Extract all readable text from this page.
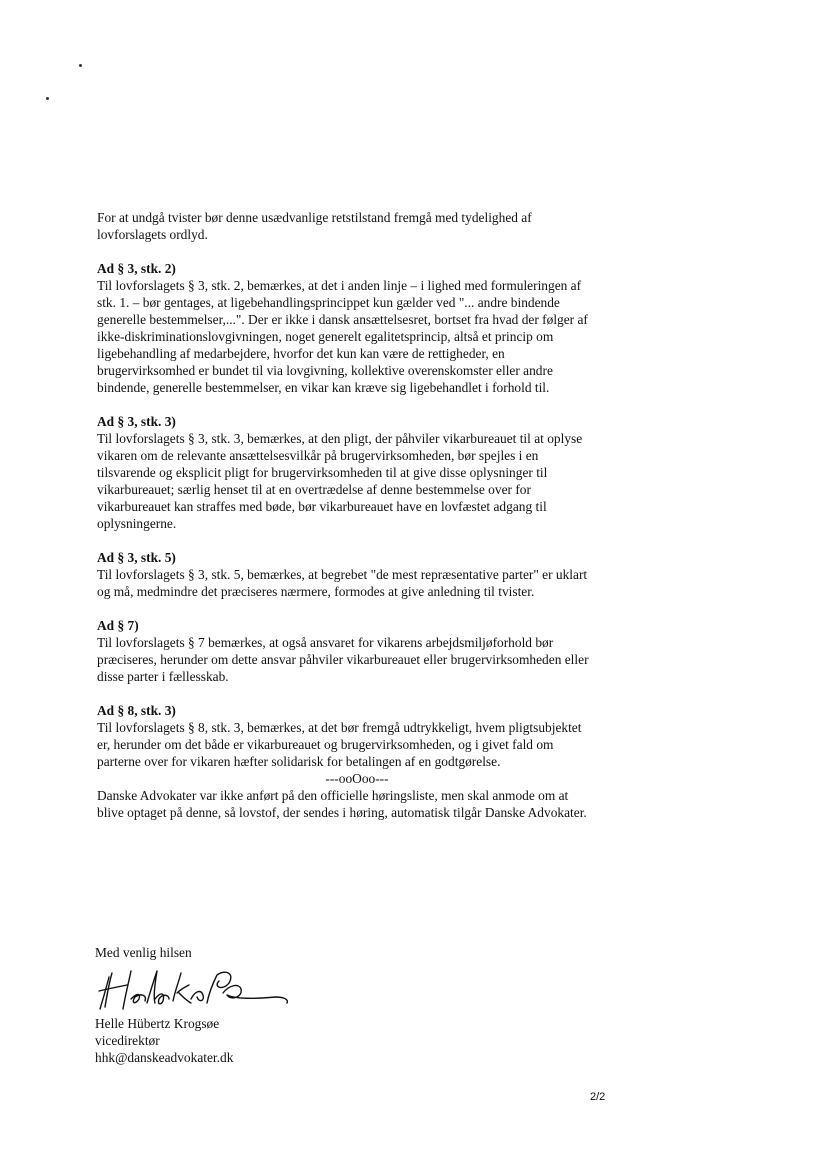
For at undgå tvister bør denne usædvanlige retstilstand fremgå med tydelighed af lovforslagets ordlyd.

Ad § 3, stk. 2)

Til lovforslagets § 3, stk. 2, bemærkes, at det i anden linje – i lighed med formuleringen af stk. 1. – bør gentages, at ligebehandlingsprincippet kun gælder ved "... andre bindende generelle bestemmelser,...". Der er ikke i dansk ansættelsesret, bortset fra hvad der følger af ikke-diskriminationslovgivningen, noget generelt egalitetsprincip, altså et princip om ligebehandling af medarbejdere, hvorfor det kun kan være de rettigheder, en brugervirksomhed er bundet til via lovgivning, kollektive overenskomster eller andre bindende, generelle bestemmelser, en vikar kan kræve sig ligebehandlet i forhold til.

Ad § 3, stk. 3)

Til lovforslagets § 3, stk. 3, bemærkes, at den pligt, der påhviler vikarbureauet til at oplyse vikaren om de relevante ansættelsesvilkår på brugervirksomheden, bør spejles i en tilsvarende og eksplicit pligt for brugervirksomheden til at give disse oplysninger til vikarbureauet; særlig henset til at en overtrædelse af denne bestemmelse over for vikarbureauet kan straffes med bøde, bør vikarbureauet have en lovfæstet adgang til oplysningerne.

Ad § 3, stk. 5)

Til lovforslagets § 3, stk. 5, bemærkes, at begrebet "de mest repræsentative parter" er uklart og må, medmindre det præciseres nærmere, formodes at give anledning til tvister.

Ad § 7)

Til lovforslagets § 7 bemærkes, at også ansvaret for vikarens arbejdsmiljøforhold bør præciseres, herunder om dette ansvar påhviler vikarbureauet eller brugervirksomheden eller disse parter i fællesskab.

Ad § 8, stk. 3)

Til lovforslagets § 8, stk. 3, bemærkes, at det bør fremgå udtrykkeligt, hvem pligtsubjektet er, herunder om det både er vikarbureauet og brugervirksomheden, og i givet fald om parterne over for vikaren hæfter solidarisk for betalingen af en godtgørelse.

---ooOoo---

Danske Advokater var ikke anført på den officielle høringsliste, men skal anmode om at blive optaget på denne, så lovstof, der sendes i høring, automatisk tilgår Danske Advokater.

Med venlig hilsen

Helle Hübertz Krogsøe

vicedirektør

hhk@danskeadvokater.dk

2/2
